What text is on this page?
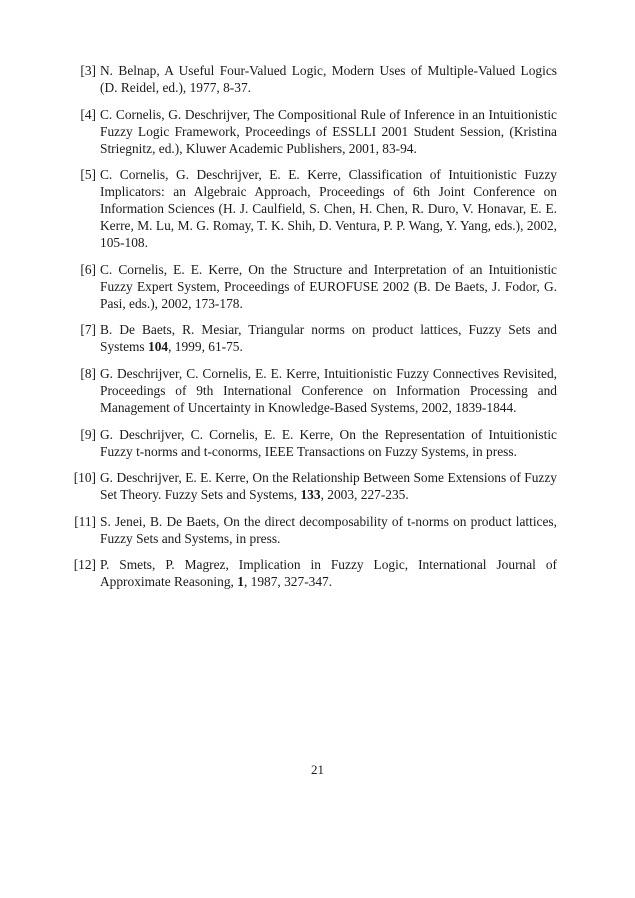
[3] N. Belnap, A Useful Four-Valued Logic, Modern Uses of Multiple-Valued Logics (D. Reidel, ed.), 1977, 8-37.
[4] C. Cornelis, G. Deschrijver, The Compositional Rule of Inference in an Intuitionistic Fuzzy Logic Framework, Proceedings of ESSLLI 2001 Student Session, (Kristina Striegnitz, ed.), Kluwer Academic Publishers, 2001, 83-94.
[5] C. Cornelis, G. Deschrijver, E. E. Kerre, Classification of Intuitionistic Fuzzy Implicators: an Algebraic Approach, Proceedings of 6th Joint Conference on Information Sciences (H. J. Caulfield, S. Chen, H. Chen, R. Duro, V. Honavar, E. E. Kerre, M. Lu, M. G. Romay, T. K. Shih, D. Ventura, P. P. Wang, Y. Yang, eds.), 2002, 105-108.
[6] C. Cornelis, E. E. Kerre, On the Structure and Interpretation of an Intuitionistic Fuzzy Expert System, Proceedings of EUROFUSE 2002 (B. De Baets, J. Fodor, G. Pasi, eds.), 2002, 173-178.
[7] B. De Baets, R. Mesiar, Triangular norms on product lattices, Fuzzy Sets and Systems 104, 1999, 61-75.
[8] G. Deschrijver, C. Cornelis, E. E. Kerre, Intuitionistic Fuzzy Connectives Revisited, Proceedings of 9th International Conference on Information Processing and Management of Uncertainty in Knowledge-Based Systems, 2002, 1839-1844.
[9] G. Deschrijver, C. Cornelis, E. E. Kerre, On the Representation of Intuitionistic Fuzzy t-norms and t-conorms, IEEE Transactions on Fuzzy Systems, in press.
[10] G. Deschrijver, E. E. Kerre, On the Relationship Between Some Extensions of Fuzzy Set Theory. Fuzzy Sets and Systems, 133, 2003, 227-235.
[11] S. Jenei, B. De Baets, On the direct decomposability of t-norms on product lattices, Fuzzy Sets and Systems, in press.
[12] P. Smets, P. Magrez, Implication in Fuzzy Logic, International Journal of Approximate Reasoning, 1, 1987, 327-347.
21
